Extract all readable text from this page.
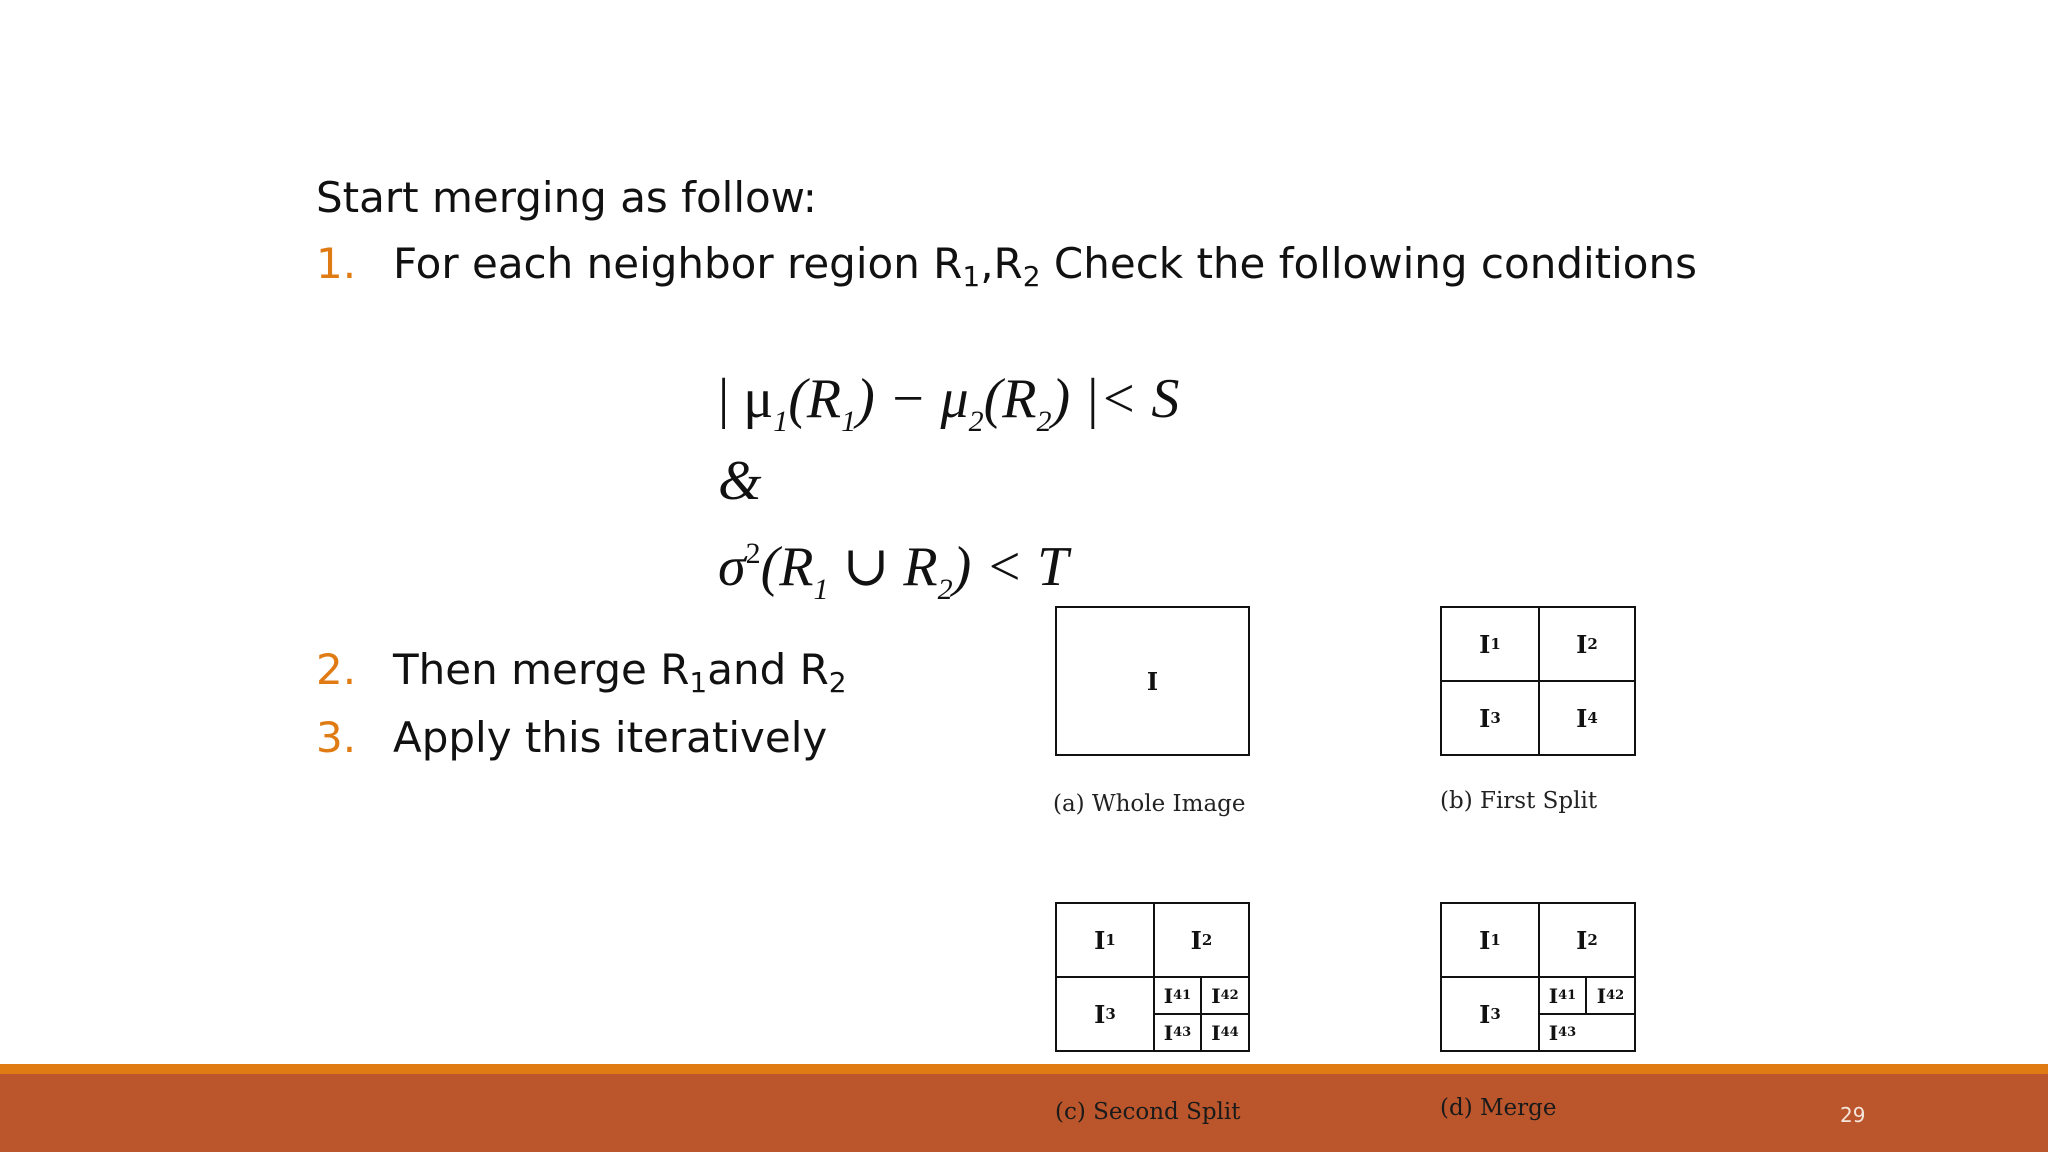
Start merging as follow:
1. For each neighbor region $R_1,R_2$ Check the following conditions
| $\mu_1(R_1) - \mu_2(R_2)$ |< S
&
$\sigma^2(R_1$ ∪ $R_2) < T$
2. Then merge $R_1and$ $R_2$
3. Apply this iteratively
I
(a) Whole Image
I 1	I 2
I 3	I 4
(b) First Split
I 1	I 2
I 3
I 41 I 42
I 43 I 44
I 1	I 2
I 3
I 41 I 42
I 43
(c) Second Split	(d) Merge	29
